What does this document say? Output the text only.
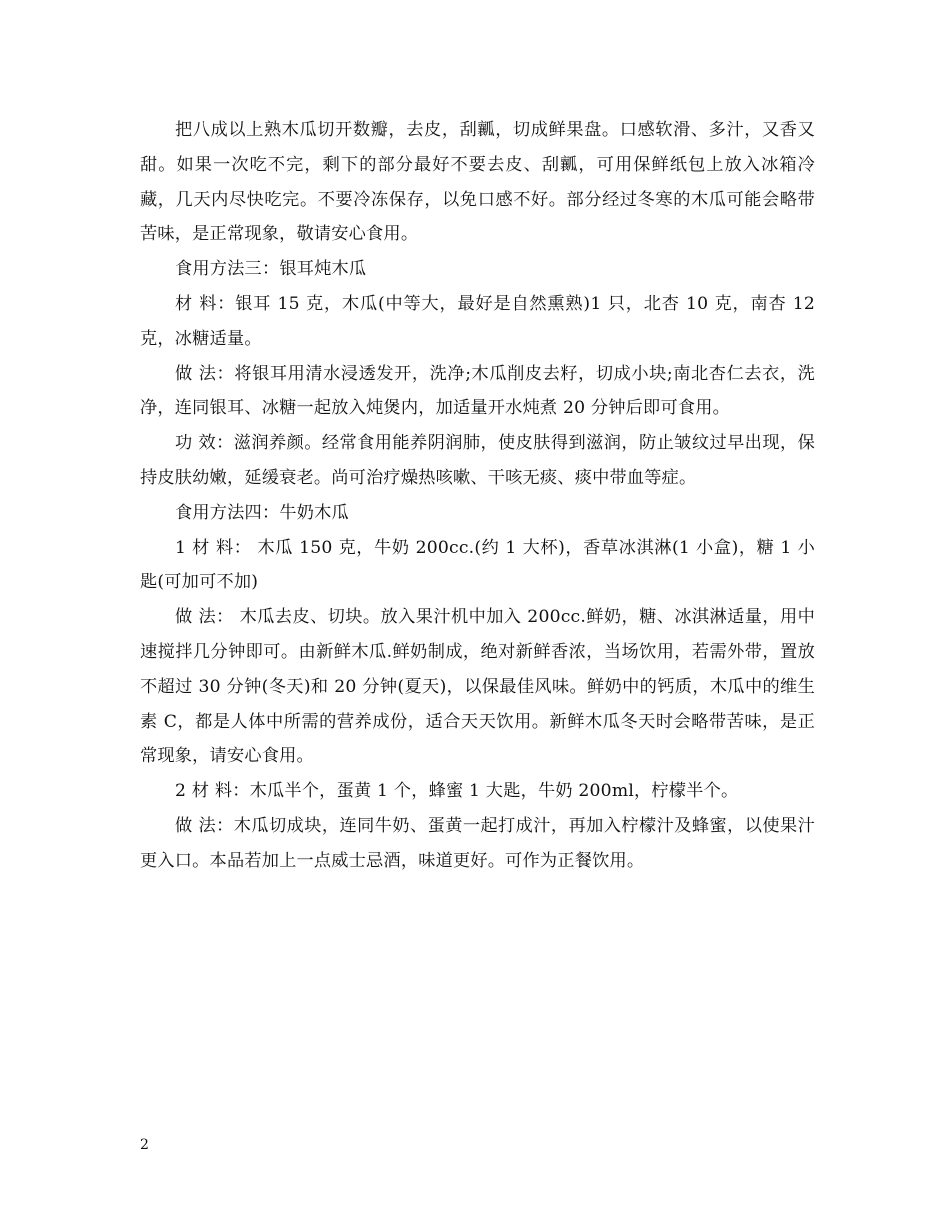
把八成以上熟木瓜切开数瓣，去皮，刮瓤，切成鲜果盘。口感软滑、多汁，又香又甜。如果一次吃不完，剩下的部分最好不要去皮、刮瓤，可用保鲜纸包上放入冰箱冷藏，几天内尽快吃完。不要冷冻保存，以免口感不好。部分经过冬寒的木瓜可能会略带苦味，是正常现象，敬请安心食用。

食用方法三：银耳炖木瓜

材 料：银耳 15 克，木瓜(中等大，最好是自然熏熟)1 只，北杏 10 克，南杏 12 克，冰糖适量。

做 法：将银耳用清水浸透发开，洗净;木瓜削皮去籽，切成小块;南北杏仁去衣，洗净，连同银耳、冰糖一起放入炖煲内，加适量开水炖煮 20 分钟后即可食用。

功 效：滋润养颜。经常食用能养阴润肺，使皮肤得到滋润，防止皱纹过早出现，保持皮肤幼嫩，延缓衰老。尚可治疗燥热咳嗽、干咳无痰、痰中带血等症。

食用方法四：牛奶木瓜

1 材 料： 木瓜 150 克，牛奶 200cc.(约 1 大杯)，香草冰淇淋(1 小盒)，糖 1 小匙(可加可不加)

做 法： 木瓜去皮、切块。放入果汁机中加入 200cc.鲜奶，糖、冰淇淋适量，用中速搅拌几分钟即可。由新鲜木瓜.鲜奶制成，绝对新鲜香浓，当场饮用，若需外带，置放不超过 30 分钟(冬天)和 20 分钟(夏天)，以保最佳风味。鲜奶中的钙质，木瓜中的维生素 C，都是人体中所需的营养成份，适合天天饮用。新鲜木瓜冬天时会略带苦味，是正常现象，请安心食用。

2 材 料：木瓜半个，蛋黄 1 个，蜂蜜 1 大匙，牛奶 200ml，柠檬半个。

做 法：木瓜切成块，连同牛奶、蛋黄一起打成汁，再加入柠檬汁及蜂蜜，以使果汁更入口。本品若加上一点威士忌酒，味道更好。可作为正餐饮用。

2
